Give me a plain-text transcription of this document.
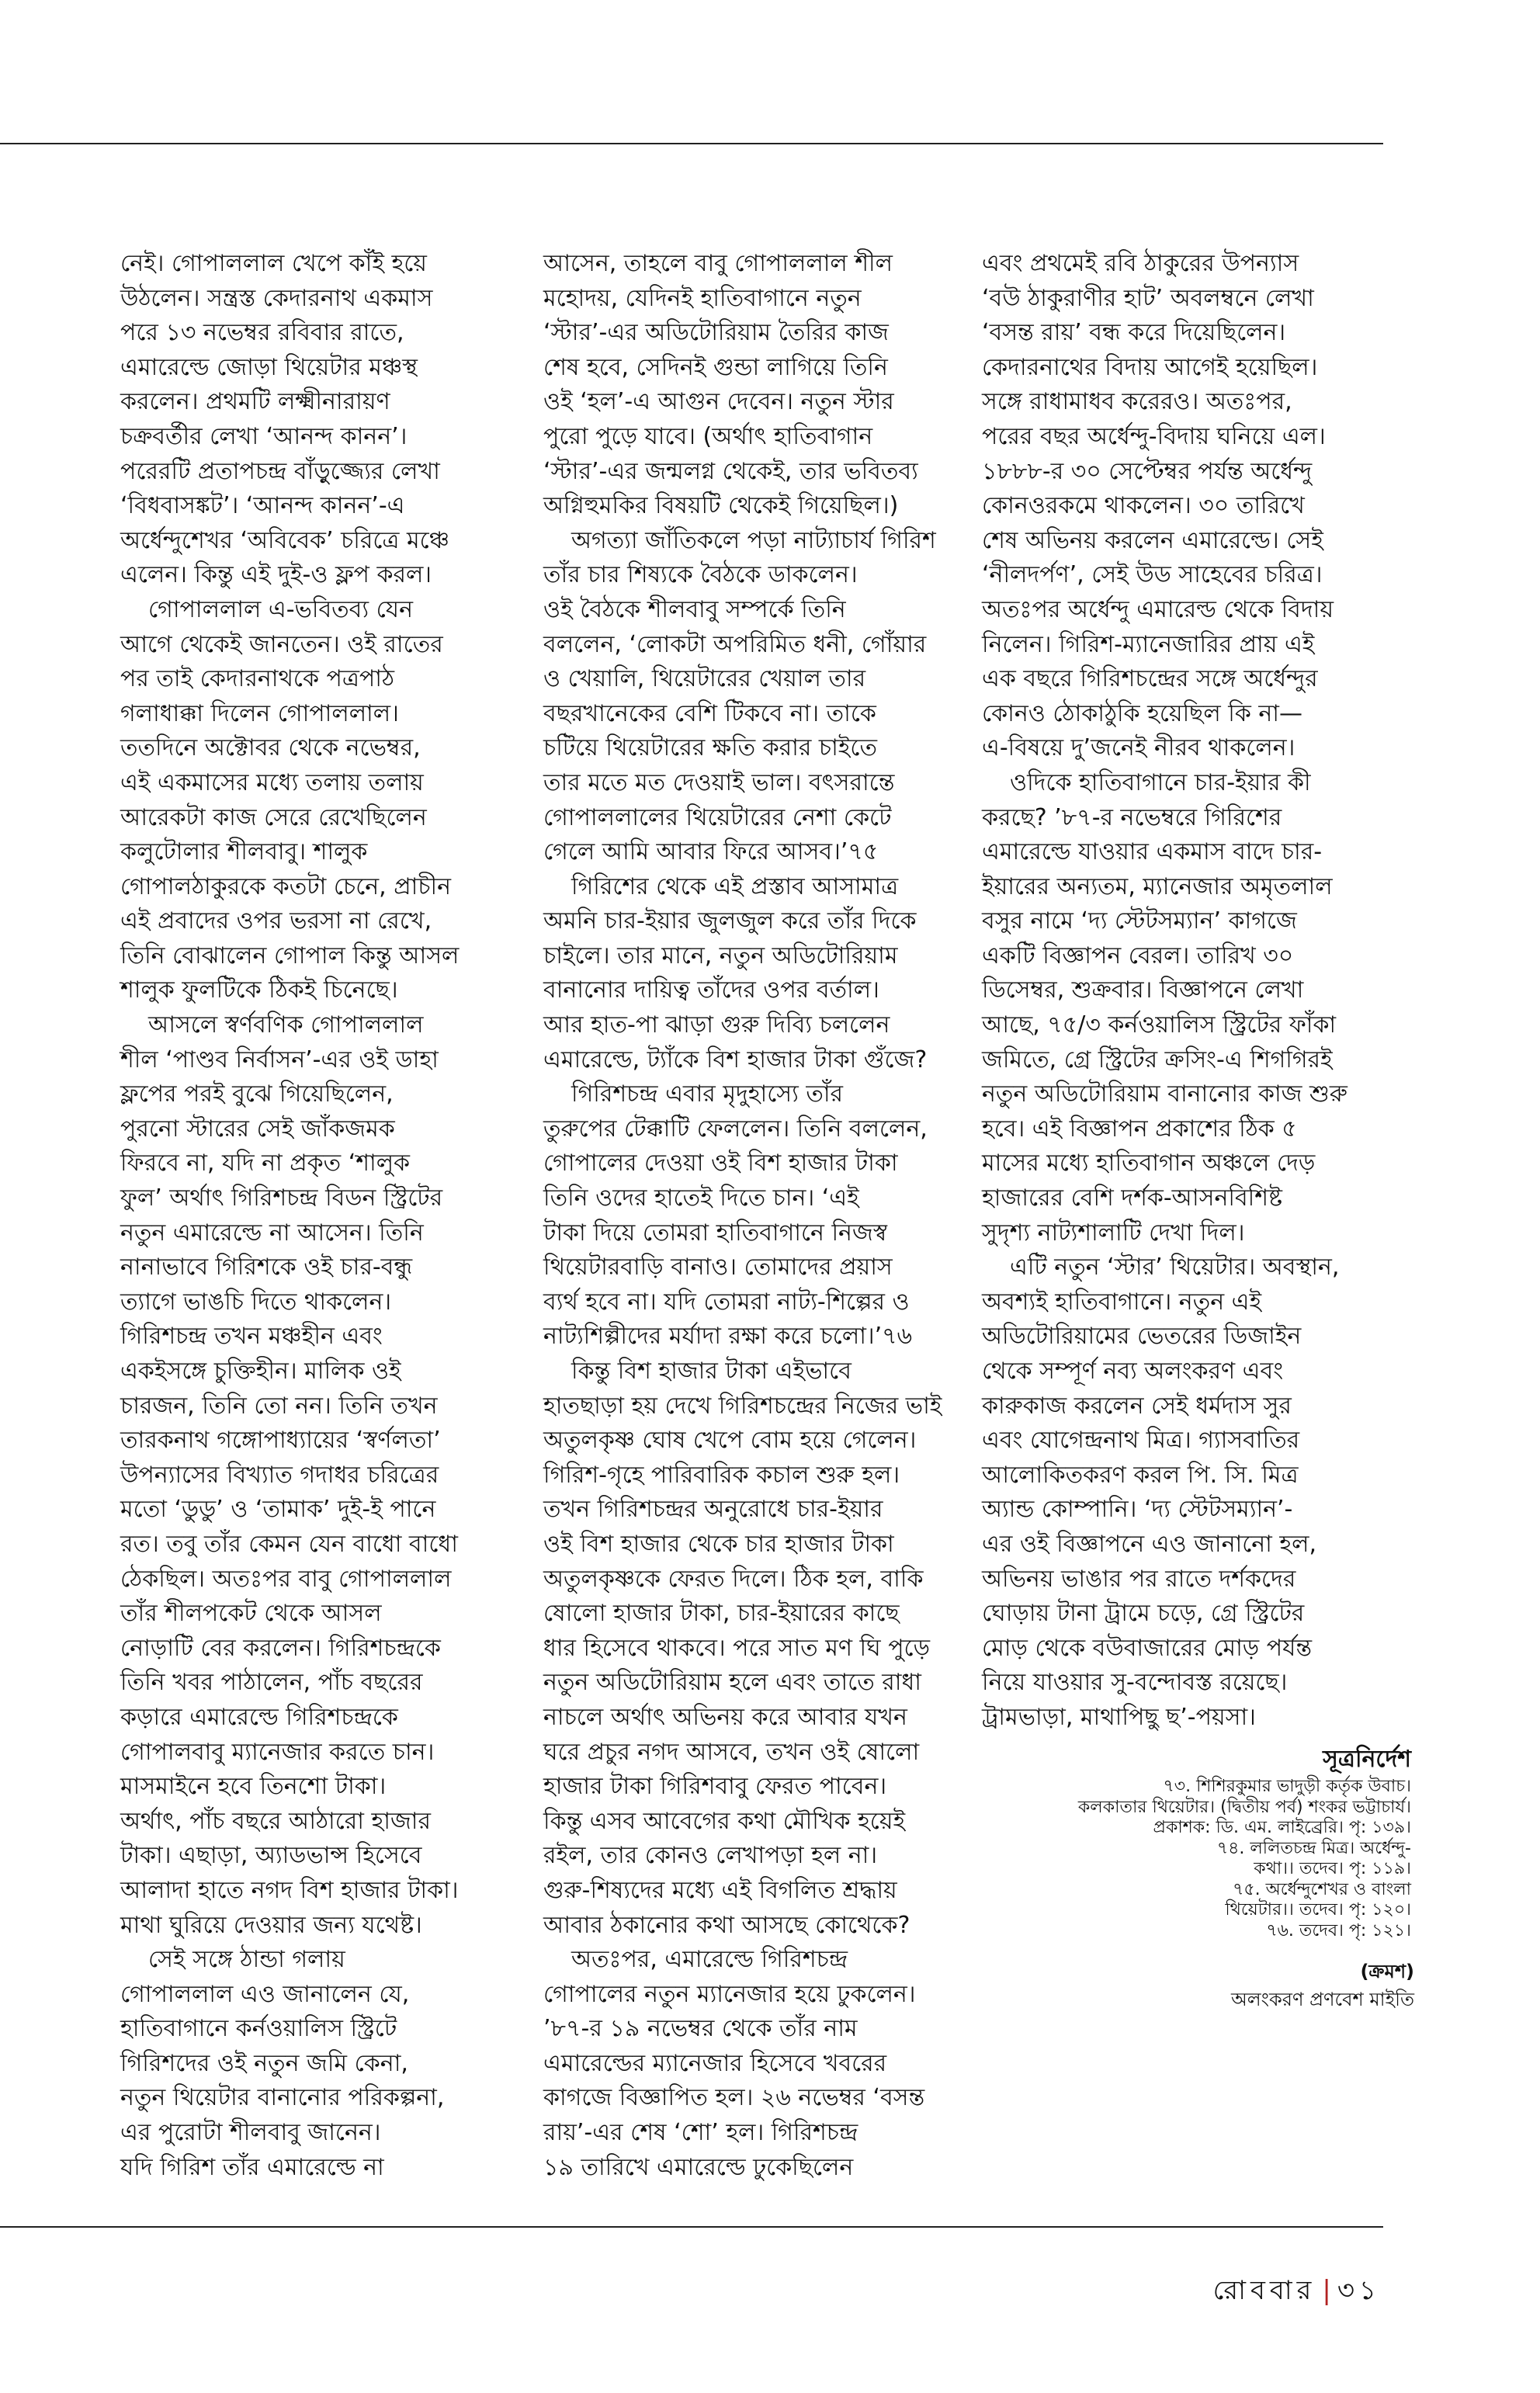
নেই। গোপাললাল খেপে কাঁই হয়ে
উঠলেন। সন্ত্রস্ত কেদারনাথ একমাস
পরে ১৩ নভেম্বর রবিবার রাতে,
এমারেল্ডে জোড়া থিয়েটার মঞ্চস্থ
করলেন। প্রথমটি লক্ষ্মীনারায়ণ
চক্রবর্তীর লেখা ‘আনন্দ কানন’।
পরেরটি প্রতাপচন্দ্র বাঁড়ুজ্জ্যের লেখা
‘বিধবাসঙ্কট’। ‘আনন্দ কানন’-এ
অর্ধেন্দুশেখর ‘অবিবেক’ চরিত্রে মঞ্চে
এলেন। কিন্তু এই দুই-ও ফ্লপ করল।
গোপাললাল এ-ভবিতব্য যেন
আগে থেকেই জানতেন। ওই রাতের
পর তাই কেদারনাথকে পত্রপাঠ
গলাধাক্কা দিলেন গোপাললাল।
ততদিনে অক্টোবর থেকে নভেম্বর,
এই একমাসের মধ্যে তলায় তলায়
আরেকটা কাজ সেরে রেখেছিলেন
কলুটোলার শীলবাবু। শালুক
গোপালঠাকুরকে কতটা চেনে, প্রাচীন
এই প্রবাদের ওপর ভরসা না রেখে,
তিনি বোঝালেন গোপাল কিন্তু আসল
শালুক ফুলটিকে ঠিকই চিনেছে।
আসলে স্বর্ণবণিক গোপাললাল
শীল ‘পাণ্ডব নির্বাসন’-এর ওই ডাহা
ফ্লপের পরই বুঝে গিয়েছিলেন,
পুরনো স্টারের সেই জাঁকজমক
ফিরবে না, যদি না প্রকৃত ‘শালুক
ফুল’ অর্থাৎ গিরিশচন্দ্র বিডন স্ট্রিটের
নতুন এমারেল্ডে না আসেন। তিনি
নানাভাবে গিরিশকে ওই চার-বন্ধু
ত্যাগে ভাঙচি দিতে থাকলেন।
গিরিশচন্দ্র তখন মঞ্চহীন এবং
একইসঙ্গে চুক্তিহীন। মালিক ওই
চারজন, তিনি তো নন। তিনি তখন
তারকনাথ গঙ্গোপাধ্যায়ের ‘স্বর্ণলতা’
উপন্যাসের বিখ্যাত গদাধর চরিত্রের
মতো ‘ডুডু’ ও ‘তামাক’ দুই-ই পানে
রত। তবু তাঁর কেমন যেন বাধো বাধো
ঠেকছিল। অতঃপর বাবু গোপাললাল
তাঁর শীলপকেট থেকে আসল
নোড়াটি বের করলেন। গিরিশচন্দ্রকে
তিনি খবর পাঠালেন, পাঁচ বছরের
কড়ারে এমারেল্ডে গিরিশচন্দ্রকে
গোপালবাবু ম্যানেজার করতে চান।
মাসমাইনে হবে তিনশো টাকা।
অর্থাৎ, পাঁচ বছরে আঠারো হাজার
টাকা। এছাড়া, অ্যাডভান্স হিসেবে
আলাদা হাতে নগদ বিশ হাজার টাকা।
মাথা ঘুরিয়ে দেওয়ার জন্য যথেষ্ট।
সেই সঙ্গে ঠান্ডা গলায়
গোপাললাল এও জানালেন যে,
হাতিবাগানে কর্নওয়ালিস স্ট্রিটে
গিরিশদের ওই নতুন জমি কেনা,
নতুন থিয়েটার বানানোর পরিকল্পনা,
এর পুরোটা শীলবাবু জানেন।
যদি গিরিশ তাঁর এমারেল্ডে না
আসেন, তাহলে বাবু গোপাললাল শীল
মহোদয়, যেদিনই হাতিবাগানে নতুন
‘স্টার’-এর অডিটোরিয়াম তৈরির কাজ
শেষ হবে, সেদিনই গুন্ডা লাগিয়ে তিনি
ওই ‘হল’-এ আগুন দেবেন। নতুন স্টার
পুরো পুড়ে যাবে। (অর্থাৎ হাতিবাগান
‘স্টার’-এর জন্মলগ্ন থেকেই, তার ভবিতব্য
অগ্নিহুমকির বিষয়টি থেকেই গিয়েছিল।)
অগত্যা জাঁতিকলে পড়া নাট্যাচার্য গিরিশ
তাঁর চার শিষ্যকে বৈঠকে ডাকলেন।
ওই বৈঠকে শীলবাবু সম্পর্কে তিনি
বললেন, ‘লোকটা অপরিমিত ধনী, গোঁয়ার
ও খেয়ালি, থিয়েটারের খেয়াল তার
বছরখানেকের বেশি টিকবে না। তাকে
চটিয়ে থিয়েটারের ক্ষতি করার চাইতে
তার মতে মত দেওয়াই ভাল। বৎসরান্তে
গোপাললালের থিয়েটারের নেশা কেটে
গেলে আমি আবার ফিরে আসব।’৭৫
গিরিশের থেকে এই প্রস্তাব আসামাত্র
অমনি চার-ইয়ার জুলজুল করে তাঁর দিকে
চাইলে। তার মানে, নতুন অডিটোরিয়াম
বানানোর দায়িত্ব তাঁদের ওপর বর্তাল।
আর হাত-পা ঝাড়া গুরু দিব্যি চললেন
এমারেল্ডে, ট্যাঁকে বিশ হাজার টাকা গুঁজে?
গিরিশচন্দ্র এবার মৃদুহাস্যে তাঁর
তুরুপের টেক্কাটি ফেললেন। তিনি বললেন,
গোপালের দেওয়া ওই বিশ হাজার টাকা
তিনি ওদের হাতেই দিতে চান। ‘এই
টাকা দিয়ে তোমরা হাতিবাগানে নিজস্ব
থিয়েটারবাড়ি বানাও। তোমাদের প্রয়াস
ব্যর্থ হবে না। যদি তোমরা নাট্য-শিল্পের ও
নাট্যশিল্পীদের মর্যাদা রক্ষা করে চলো।’৭৬
কিন্তু বিশ হাজার টাকা এইভাবে
হাতছাড়া হয় দেখে গিরিশচন্দ্রের নিজের ভাই
অতুলকৃষ্ণ ঘোষ খেপে বোম হয়ে গেলেন।
গিরিশ-গৃহে পারিবারিক কচাল শুরু হল।
তখন গিরিশচন্দ্রর অনুরোধে চার-ইয়ার
ওই বিশ হাজার থেকে চার হাজার টাকা
অতুলকৃষ্ণকে ফেরত দিলে। ঠিক হল, বাকি
ষোলো হাজার টাকা, চার-ইয়ারের কাছে
ধার হিসেবে থাকবে। পরে সাত মণ ঘি পুড়ে
নতুন অডিটোরিয়াম হলে এবং তাতে রাধা
নাচলে অর্থাৎ অভিনয় করে আবার যখন
ঘরে প্রচুর নগদ আসবে, তখন ওই ষোলো
হাজার টাকা গিরিশবাবু ফেরত পাবেন।
কিন্তু এসব আবেগের কথা মৌখিক হয়েই
রইল, তার কোনও লেখাপড়া হল না।
গুরু-শিষ্যদের মধ্যে এই বিগলিত শ্রদ্ধায়
আবার ঠকানোর কথা আসছে কোথেকে?
অতঃপর, এমারেল্ডে গিরিশচন্দ্র
গোপালের নতুন ম্যানেজার হয়ে ঢুকলেন।
’৮৭-র ১৯ নভেম্বর থেকে তাঁর নাম
এমারেল্ডের ম্যানেজার হিসেবে খবরের
কাগজে বিজ্ঞাপিত হল। ২৬ নভেম্বর ‘বসন্ত
রায়’-এর শেষ ‘শো’ হল। গিরিশচন্দ্র
১৯ তারিখে এমারেল্ডে ঢুকেছিলেন
এবং প্রথমেই রবি ঠাকুরের উপন্যাস
‘বউ ঠাকুরাণীর হাট’ অবলম্বনে লেখা
‘বসন্ত রায়’ বন্ধ করে দিয়েছিলেন।
কেদারনাথের বিদায় আগেই হয়েছিল।
সঙ্গে রাধামাধব করেরও। অতঃপর,
পরের বছর অর্ধেন্দু-বিদায় ঘনিয়ে এল।
১৮৮৮-র ৩০ সেপ্টেম্বর পর্যন্ত অর্ধেন্দু
কোনওরকমে থাকলেন। ৩০ তারিখে
শেষ অভিনয় করলেন এমারেল্ডে। সেই
‘নীলদর্পণ’, সেই উড সাহেবের চরিত্র।
অতঃপর অর্ধেন্দু এমারেল্ড থেকে বিদায়
নিলেন। গিরিশ-ম্যানেজারির প্রায় এই
এক বছরে গিরিশচন্দ্রের সঙ্গে অর্ধেন্দুর
কোনও ঠোকাঠুকি হয়েছিল কি না—
এ-বিষয়ে দু’জনেই নীরব থাকলেন।
ওদিকে হাতিবাগানে চার-ইয়ার কী
করছে? ’৮৭-র নভেম্বরে গিরিশের
এমারেল্ডে যাওয়ার একমাস বাদে চার-
ইয়ারের অন্যতম, ম্যানেজার অমৃতলাল
বসুর নামে ‘দ্য স্টেটসম্যান’ কাগজে
একটি বিজ্ঞাপন বেরল। তারিখ ৩০
ডিসেম্বর, শুক্রবার। বিজ্ঞাপনে লেখা
আছে, ৭৫/৩ কর্নওয়ালিস স্ট্রিটের ফাঁকা
জমিতে, গ্রে স্ট্রিটের ক্রসিং-এ শিগগিরই
নতুন অডিটোরিয়াম বানানোর কাজ শুরু
হবে। এই বিজ্ঞাপন প্রকাশের ঠিক ৫
মাসের মধ্যে হাতিবাগান অঞ্চলে দেড়
হাজারের বেশি দর্শক-আসনবিশিষ্ট
সুদৃশ্য নাট্যশালাটি দেখা দিল।
এটি নতুন ‘স্টার’ থিয়েটার। অবস্থান,
অবশ্যই হাতিবাগানে। নতুন এই
অডিটোরিয়ামের ভেতরের ডিজাইন
থেকে সম্পূর্ণ নব্য অলংকরণ এবং
কারুকাজ করলেন সেই ধর্মদাস সুর
এবং যোগেন্দ্রনাথ মিত্র। গ্যাসবাতির
আলোকিতকরণ করল পি. সি. মিত্র
অ্যান্ড কোম্পানি। ‘দ্য স্টেটসম্যান’-
এর ওই বিজ্ঞাপনে এও জানানো হল,
অভিনয় ভাঙার পর রাতে দর্শকদের
ঘোড়ায় টানা ট্রামে চড়ে, গ্রে স্ট্রিটের
মোড় থেকে বউবাজারের মোড় পর্যন্ত
নিয়ে যাওয়ার সু-বন্দোবস্ত রয়েছে।
ট্রামভাড়া, মাথাপিছু ছ’-পয়সা।
সূত্রনির্দেশ
৭৩. শিশিরকুমার ভাদুড়ী কর্তৃক উবাচ।
কলকাতার থিয়েটার। (দ্বিতীয় পর্ব) শংকর ভট্টাচার্য।
প্রকাশক: ডি. এম. লাইব্রেরি। পৃ: ১৩৯।
৭৪. ললিতচন্দ্র মিত্র। অর্ধেন্দু-
কথা।। তদেব। পৃ: ১১৯।
৭৫. অর্ধেন্দুশেখর ও বাংলা
থিয়েটার।। তদেব। পৃ: ১২০।
৭৬. তদেব। পৃ: ১২১।
(ক্রমশ)
অলংকরণ প্রণবেশ মাইতি
রোববার | ৩১
